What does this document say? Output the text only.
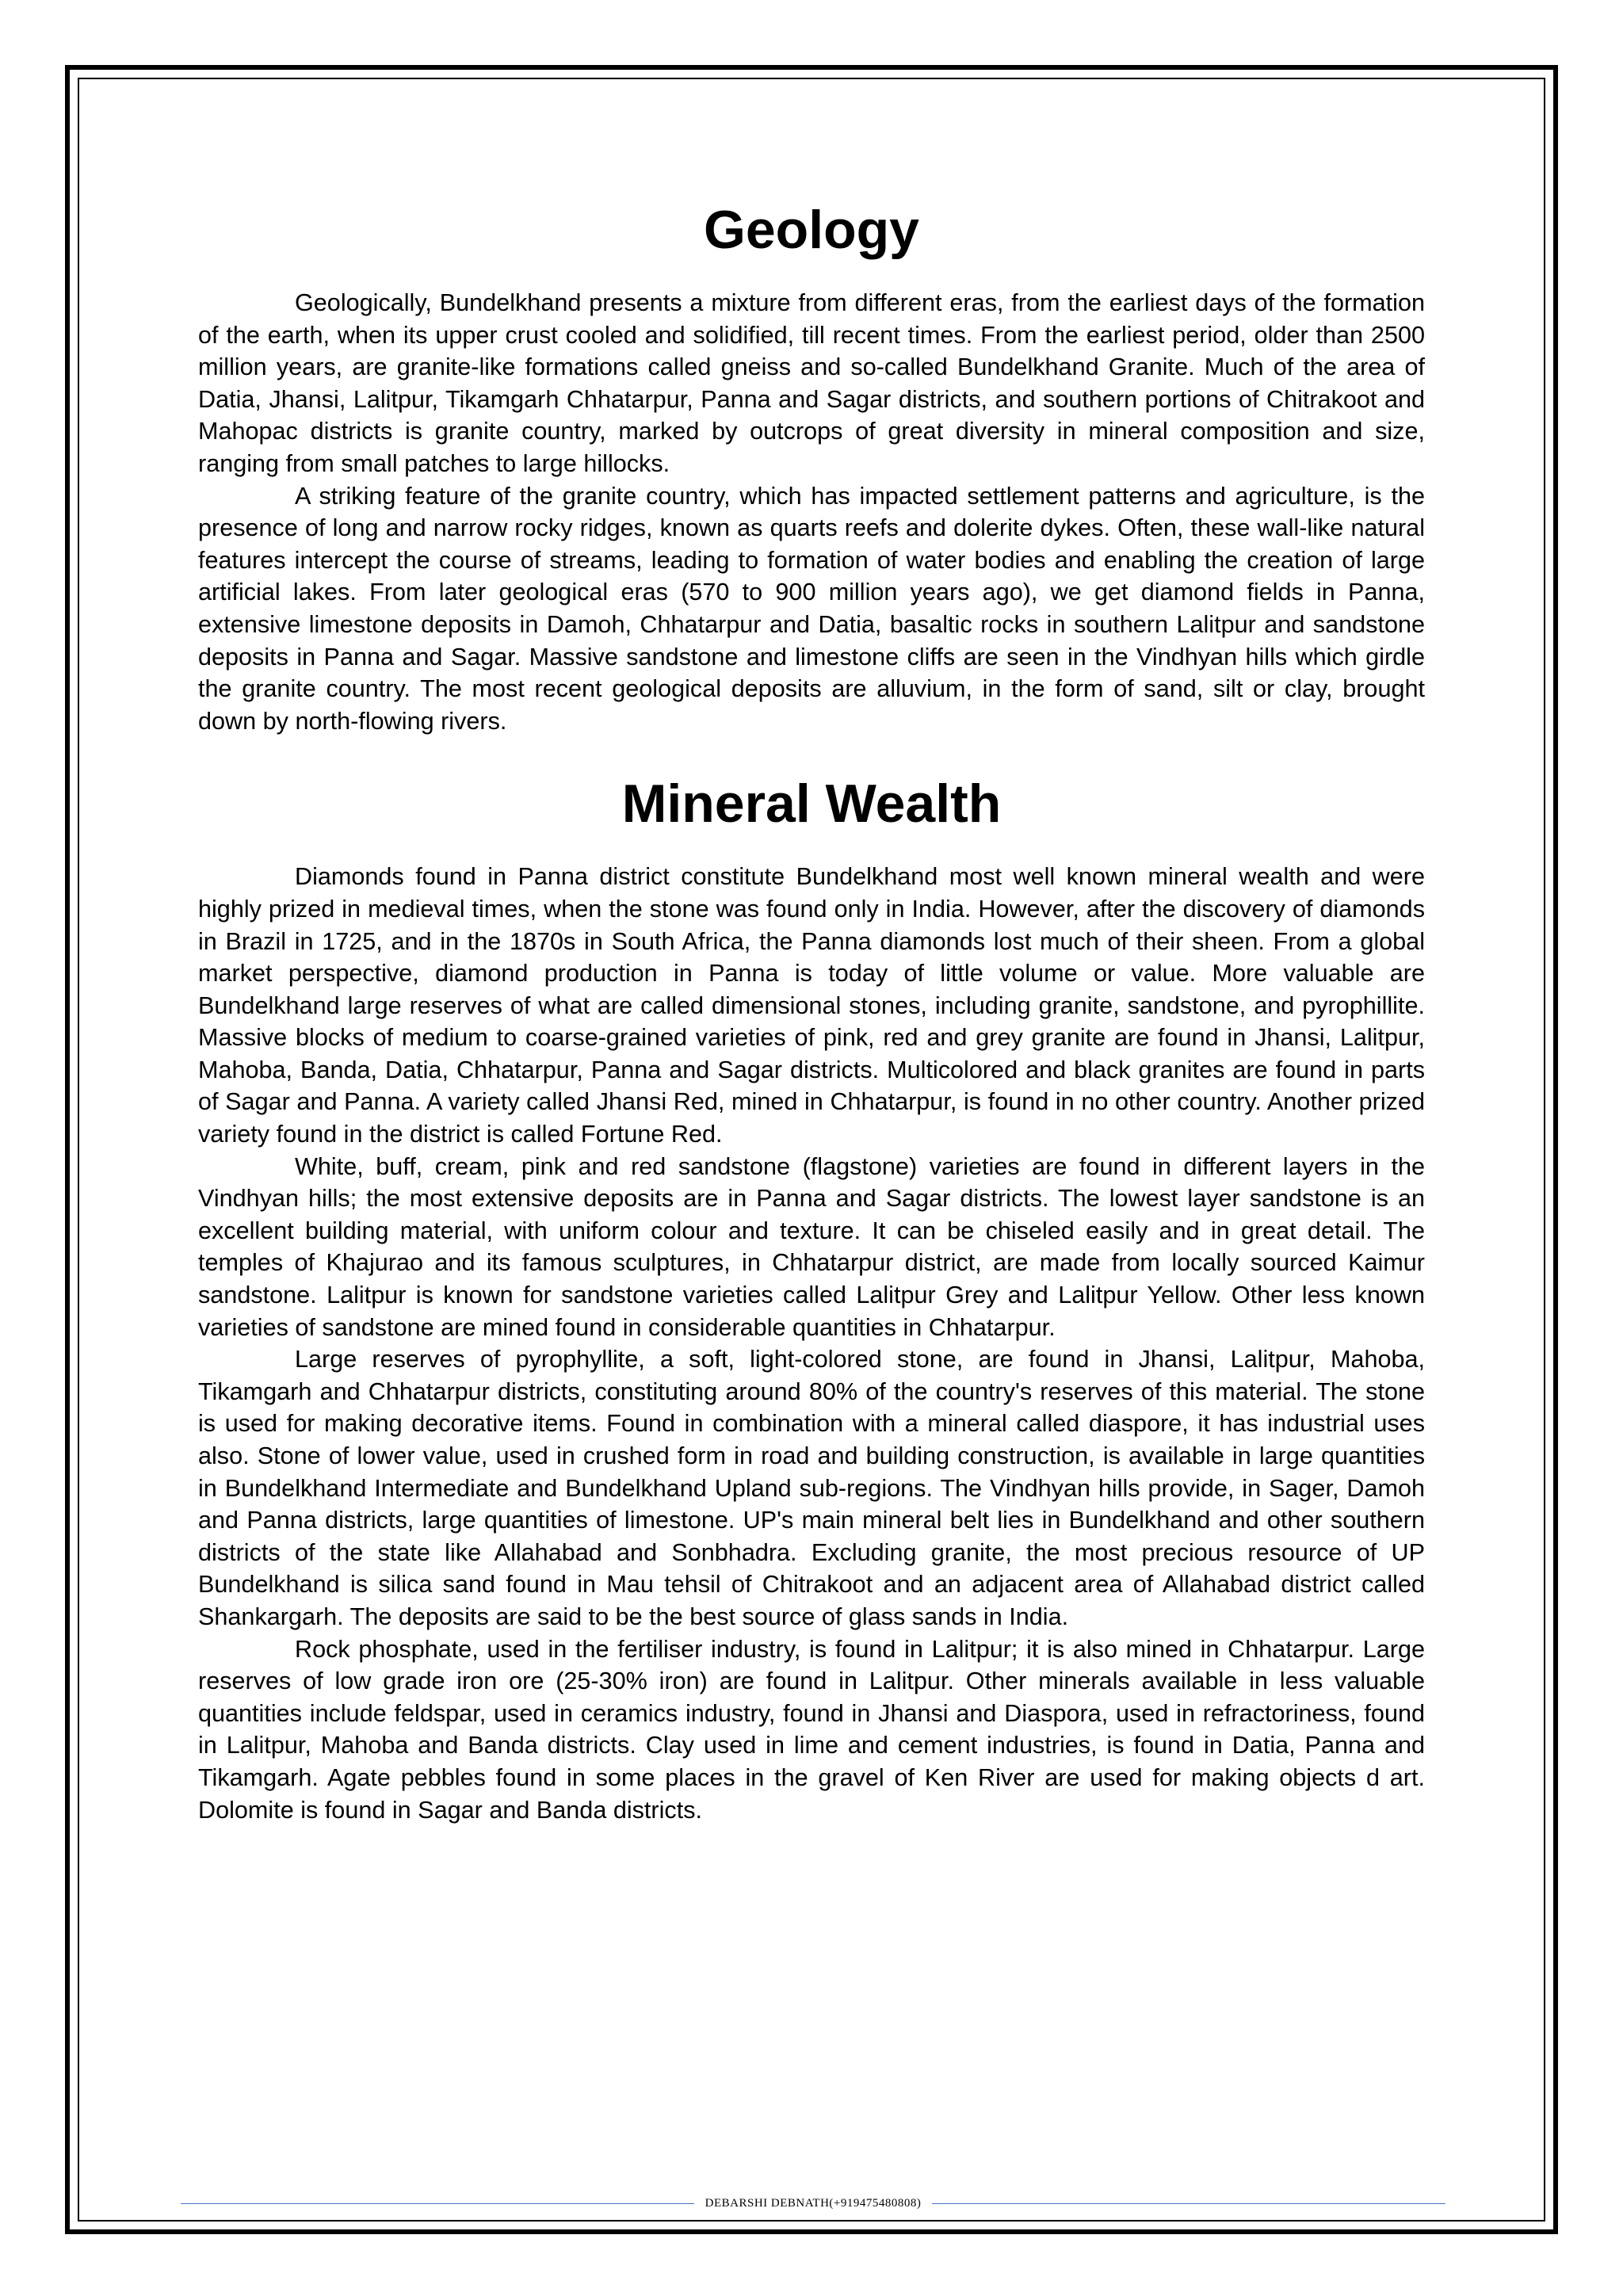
Geology

Geologically, Bundelkhand presents a mixture from different eras, from the earliest days of the formation of the earth, when its upper crust cooled and solidified, till recent times. From the earliest period, older than 2500 million years, are granite-like formations called gneiss and so-called Bundelkhand Granite. Much of the area of Datia, Jhansi, Lalitpur, Tikamgarh Chhatarpur, Panna and Sagar districts, and southern portions of Chitrakoot and Mahopac districts is granite country, marked by outcrops of great diversity in mineral composition and size, ranging from small patches to large hillocks.

A striking feature of the granite country, which has impacted settlement patterns and agriculture, is the presence of long and narrow rocky ridges, known as quarts reefs and dolerite dykes. Often, these wall-like natural features intercept the course of streams, leading to formation of water bodies and enabling the creation of large artificial lakes. From later geological eras (570 to 900 million years ago), we get diamond fields in Panna, extensive limestone deposits in Damoh, Chhatarpur and Datia, basaltic rocks in southern Lalitpur and sandstone deposits in Panna and Sagar. Massive sandstone and limestone cliffs are seen in the Vindhyan hills which girdle the granite country. The most recent geological deposits are alluvium, in the form of sand, silt or clay, brought down by north-flowing rivers.

Mineral Wealth

Diamonds found in Panna district constitute Bundelkhand most well known mineral wealth and were highly prized in medieval times, when the stone was found only in India. However, after the discovery of diamonds in Brazil in 1725, and in the 1870s in South Africa, the Panna diamonds lost much of their sheen. From a global market perspective, diamond production in Panna is today of little volume or value. More valuable are Bundelkhand large reserves of what are called dimensional stones, including granite, sandstone, and pyrophillite. Massive blocks of medium to coarse-grained varieties of pink, red and grey granite are found in Jhansi, Lalitpur, Mahoba, Banda, Datia, Chhatarpur, Panna and Sagar districts. Multicolored and black granites are found in parts of Sagar and Panna. A variety called Jhansi Red, mined in Chhatarpur, is found in no other country. Another prized variety found in the district is called Fortune Red.

White, buff, cream, pink and red sandstone (flagstone) varieties are found in different layers in the Vindhyan hills; the most extensive deposits are in Panna and Sagar districts. The lowest layer sandstone is an excellent building material, with uniform colour and texture. It can be chiseled easily and in great detail. The temples of Khajurao and its famous sculptures, in Chhatarpur district, are made from locally sourced Kaimur sandstone. Lalitpur is known for sandstone varieties called Lalitpur Grey and Lalitpur Yellow. Other less known varieties of sandstone are mined found in considerable quantities in Chhatarpur.

Large reserves of pyrophyllite, a soft, light-colored stone, are found in Jhansi, Lalitpur, Mahoba, Tikamgarh and Chhatarpur districts, constituting around 80% of the country's reserves of this material. The stone is used for making decorative items. Found in combination with a mineral called diaspore, it has industrial uses also. Stone of lower value, used in crushed form in road and building construction, is available in large quantities in Bundelkhand Intermediate and Bundelkhand Upland sub-regions. The Vindhyan hills provide, in Sager, Damoh and Panna districts, large quantities of limestone. UP's main mineral belt lies in Bundelkhand and other southern districts of the state like Allahabad and Sonbhadra. Excluding granite, the most precious resource of UP Bundelkhand is silica sand found in Mau tehsil of Chitrakoot and an adjacent area of Allahabad district called Shankargarh. The deposits are said to be the best source of glass sands in India.

Rock phosphate, used in the fertiliser industry, is found in Lalitpur; it is also mined in Chhatarpur. Large reserves of low grade iron ore (25-30% iron) are found in Lalitpur. Other minerals available in less valuable quantities include feldspar, used in ceramics industry, found in Jhansi and Diaspora, used in refractoriness, found in Lalitpur, Mahoba and Banda districts. Clay used in lime and cement industries, is found in Datia, Panna and Tikamgarh. Agate pebbles found in some places in the gravel of Ken River are used for making objects d art. Dolomite is found in Sagar and Banda districts.

DEBARSHI DEBNATH(+919475480808)
